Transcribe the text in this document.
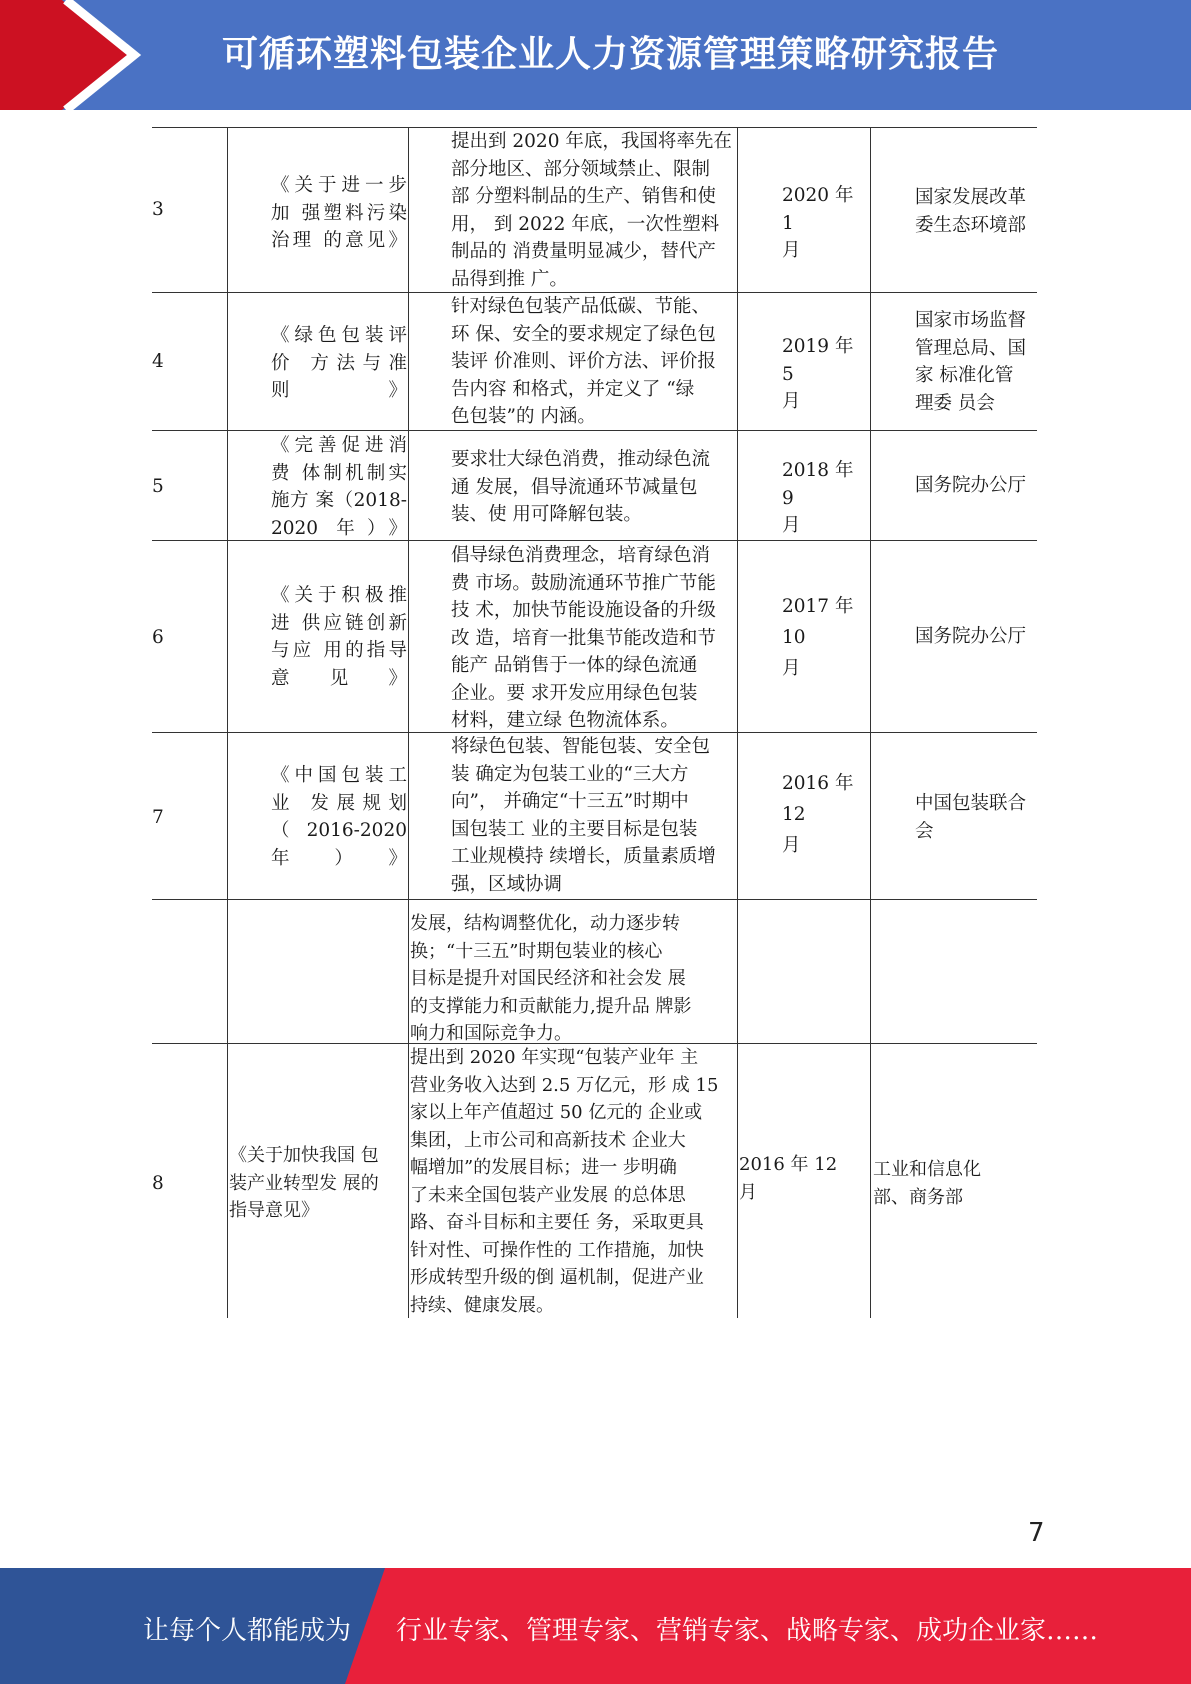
可循环塑料包装企业人力资源管理策略研究报告
3
《关于进一步
加 强塑料污染
治理 的意见》
提出到 2020 年底，我国将率先在
部分地区、部分领域禁止、限制
部 分塑料制品的生产、销售和使
用， 到 2022 年底，一次性塑料
制品的 消费量明显减少，替代产
品得到推 广。
2020 年 1
月
国家发展改革
委生态环境部
4
《绿色包装评
价 方法与准
则》
针对绿色包装产品低碳、节能、
环 保、安全的要求规定了绿色包
装评 价准则、评价方法、评价报
告内容 和格式，并定义了 “绿
色包装”的 内涵。
2019 年 5
月
国家市场监督
管理总局、国
家 标准化管
理委 员会
5
《完善促进消
费 体制机制实
施方 案（2018-
2020 年）》
要求壮大绿色消费，推动绿色流
通 发展，倡导流通环节减量包
装、使 用可降解包装。
2018 年 9
月
国务院办公厅
6
《关于积极推
进 供应链创新
与应 用的指导
意见》
倡导绿色消费理念，培育绿色消
费 市场。鼓励流通环节推广节能
技 术，加快节能设施设备的升级
改 造，培育一批集节能改造和节
能产 品销售于一体的绿色流通
企业。要 求开发应用绿色包装
材料，建立绿 色物流体系。
2017 年
10
月
国务院办公厅
7
《中国包装工
业 发展规划
（ 2016-2020
年）》
将绿色包装、智能包装、安全包
装 确定为包装工业的“三大方
向”， 并确定“十三五”时期中
国包装工 业的主要目标是包装
工业规模持 续增长，质量素质增
强，区域协调
2016 年
12
月
中国包装联合
会
发展，结构调整优化，动力逐步转
换；“十三五”时期包装业的核心
目标是提升对国民经济和社会发 展
的支撑能力和贡献能力,提升品 牌影
响力和国际竞争力。
8
《关于加快我国 包
装产业转型发 展的
指导意见》
提出到 2020 年实现“包装产业年 主
营业务收入达到 2.5 万亿元，形 成 15
家以上年产值超过 50 亿元的 企业或
集团，上市公司和高新技术 企业大
幅增加”的发展目标；进一 步明确
了未来全国包装产业发展 的总体思
路、奋斗目标和主要任 务，采取更具
针对性、可操作性的 工作措施，加快
形成转型升级的倒 逼机制，促进产业
持续、健康发展。
2016 年 12
月
工业和信息化
部、商务部
7
让每个人都能成为 行业专家、管理专家、营销专家、战略专家、成功企业家……
